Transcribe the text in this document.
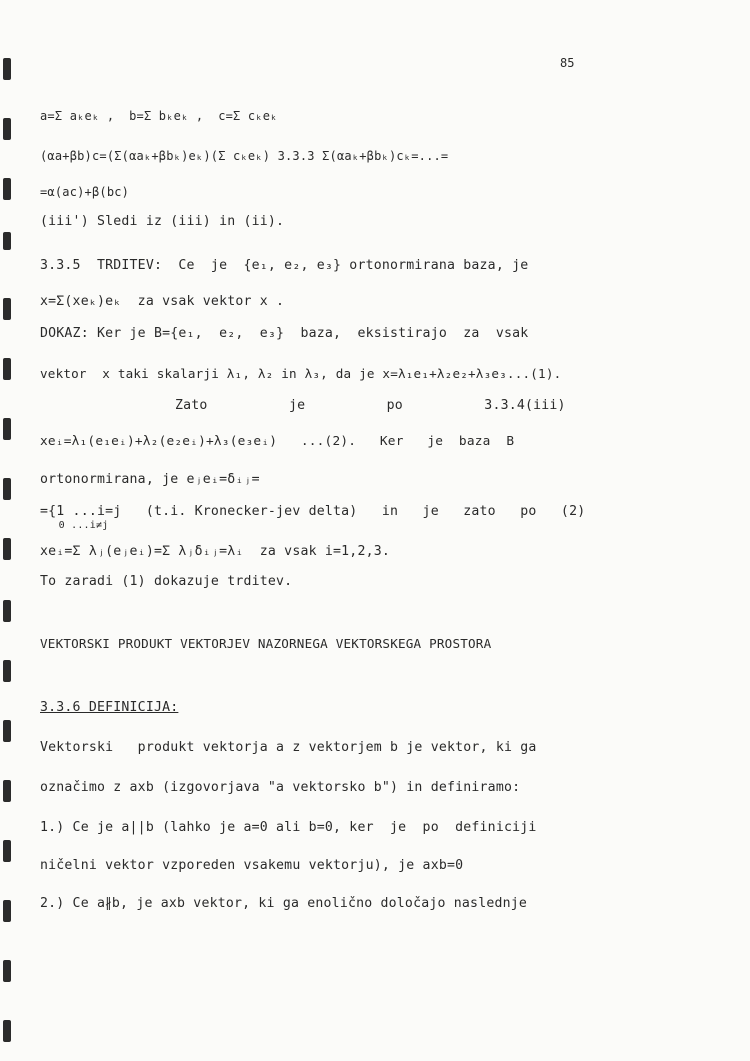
85
a=Σ aₖeₖ ,  b=Σ bₖeₖ ,  c=Σ cₖeₖ
(αa+βb)c=(Σ(αaₖ+βbₖ)eₖ)(Σ cₖeₖ) 3.3.3 Σ(αaₖ+βbₖ)cₖ=...=
=α(ac)+β(bc)
(iii') Sledi iz (iii) in (ii).
3.3.5  TRDITEV:  Ce  je  {e₁, e₂, e₃} ortonormirana baza, je
x=Σ(xeₖ)eₖ  za vsak vektor x .
DOKAZ: Ker je B={e₁,  e₂,  e₃}  baza,  eksistirajo  za  vsak
vektor  x taki skalarji λ₁, λ₂ in λ₃, da je x=λ₁e₁+λ₂e₂+λ₃e₃...(1).
Zato          je          po          3.3.4(iii)
xeᵢ=λ₁(e₁eᵢ)+λ₂(e₂eᵢ)+λ₃(e₃eᵢ)   ...(2).   Ker   je  baza  B
ortonormirana, je eⱼeᵢ=δᵢⱼ=
={1 ...i=j   (t.i. Kronecker-jev delta)   in   je   zato   po   (2)
0 ...i≠j
xeᵢ=Σ λⱼ(eⱼeᵢ)=Σ λⱼδᵢⱼ=λᵢ  za vsak i=1,2,3.
To zaradi (1) dokazuje trditev.
VEKTORSKI PRODUKT VEKTORJEV NAZORNEGA VEKTORSKEGA PROSTORA
3.3.6 DEFINICIJA:
Vektorski   produkt vektorja a z vektorjem b je vektor, ki ga
označimo z axb (izgovorjava "a vektorsko b") in definiramo:
1.) Ce je a||b (lahko je a=0 ali b=0, ker  je  po  definiciji
ničelni vektor vzporeden vsakemu vektorju), je axb=0
2.) Ce a∦b, je axb vektor, ki ga enolično določajo naslednje
